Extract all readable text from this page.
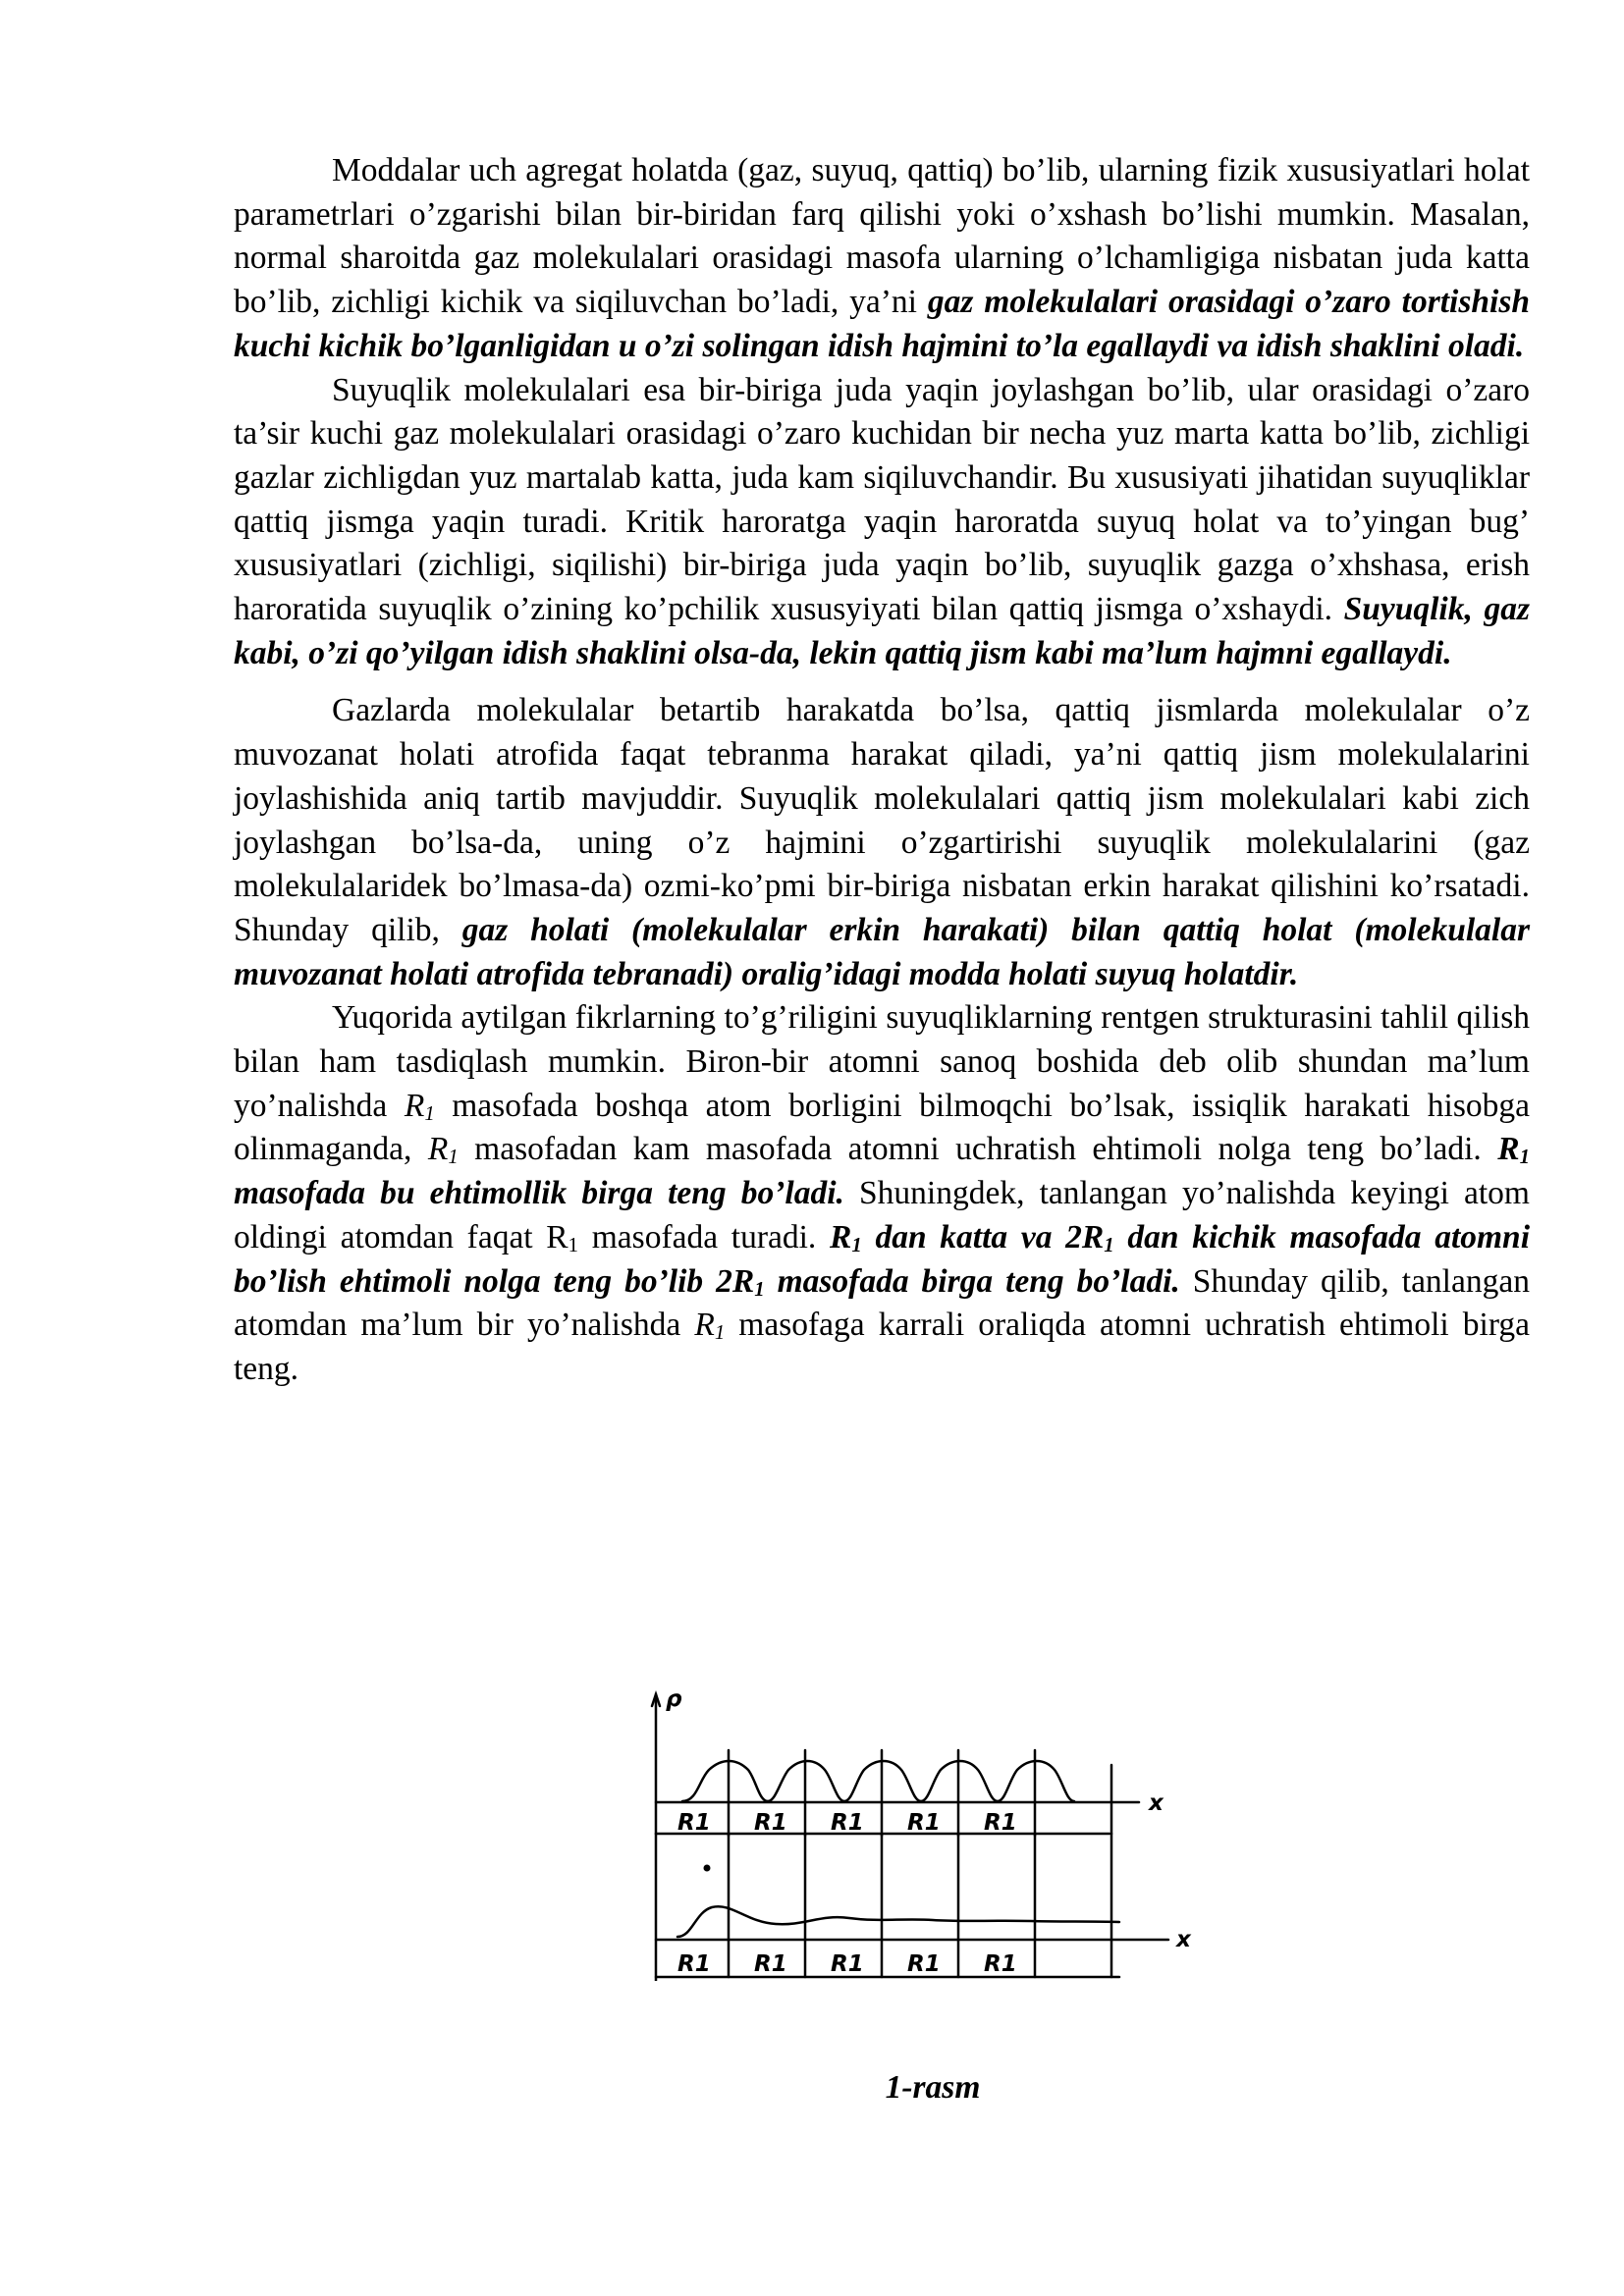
Moddalar uch agregat holatda (gaz, suyuq, qattiq) bo’lib, ularning fizik xususiyatlari holat parametrlari o’zgarishi bilan bir-biridan farq qilishi yoki o’xshash bo’lishi mumkin. Masalan, normal sharoitda gaz molekulalari orasidagi masofa ularning o’lchamligiga nisbatan juda katta bo’lib, zichligi kichik va siqiluvchan bo’ladi, ya’ni gaz molekulalari orasidagi o’zaro tortishish kuchi kichik bo’lganligidan u o’zi solingan idish hajmini to’la egallaydi va idish shaklini oladi.

Suyuqlik molekulalari esa bir-biriga juda yaqin joylashgan bo’lib, ular orasidagi o’zaro ta’sir kuchi gaz molekulalari orasidagi o’zaro kuchidan bir necha yuz marta katta bo’lib, zichligi gazlar zichligdan yuz martalab katta, juda kam siqiluvchandir. Bu xususiyati jihatidan suyuqliklar qattiq jismga yaqin turadi. Kritik haroratga yaqin haroratda suyuq holat va to’yingan bug’ xususiyatlari (zichligi, siqilishi) bir-biriga juda yaqin bo’lib, suyuqlik gazga o’xhshasa, erish haroratida suyuqlik o’zining ko’pchilik xususyiyati bilan qattiq jismga o’xshaydi. Suyuqlik, gaz kabi, o’zi qo’yilgan idish shaklini olsa-da, lekin qattiq jism kabi ma’lum hajmni egallaydi.

Gazlarda molekulalar betartib harakatda bo’lsa, qattiq jismlarda molekulalar o’z muvozanat holati atrofida faqat tebranma harakat qiladi, ya’ni qattiq jism molekulalarini joylashishida aniq tartib mavjuddir. Suyuqlik molekulalari qattiq jism molekulalari kabi zich joylashgan bo’lsa-da, uning o’z hajmini o’zgartirishi suyuqlik molekulalarini (gaz molekulalaridek bo’lmasa-da) ozmi-ko’pmi bir-biriga nisbatan erkin harakat qilishini ko’rsatadi. Shunday qilib, gaz holati (molekulalar erkin harakati) bilan qattiq holat (molekulalar muvozanat holati atrofida tebranadi) oralig’idagi modda holati suyuq holatdir.

Yuqorida aytilgan fikrlarning to’g’riligini suyuqliklarning rentgen strukturasini tahlil qilish bilan ham tasdiqlash mumkin. Biron-bir atomni sanoq boshida deb olib shundan ma’lum yo’nalishda $R_1$ masofada boshqa atom borligini bilmoqchi bo’lsak, issiqlik harakati hisobga olinmaganda, $R_1$ masofadan kam masofada atomni uchratish ehtimoli nolga teng bo’ladi. $R_1$ masofada bu ehtimollik birga teng bo’ladi. Shuningdek, tanlangan yo’nalishda keyingi atom oldingi atomdan faqat $R_1$ masofada turadi. $R_1$ dan katta va $2R_1$ dan kichik masofada atomni bo’lish ehtimoli nolga teng bo’lib $2R_1$ masofada birga teng bo’ladi. Shunday qilib, tanlangan atomdan ma’lum bir yo’nalishda $R_1$ masofaga karrali oraliqda atomni uchratish ehtimoli birga teng.

ρ
x
x
R1 R1 R1 R1 R1
R1 R1 R1 R1 R1
1-rasm
